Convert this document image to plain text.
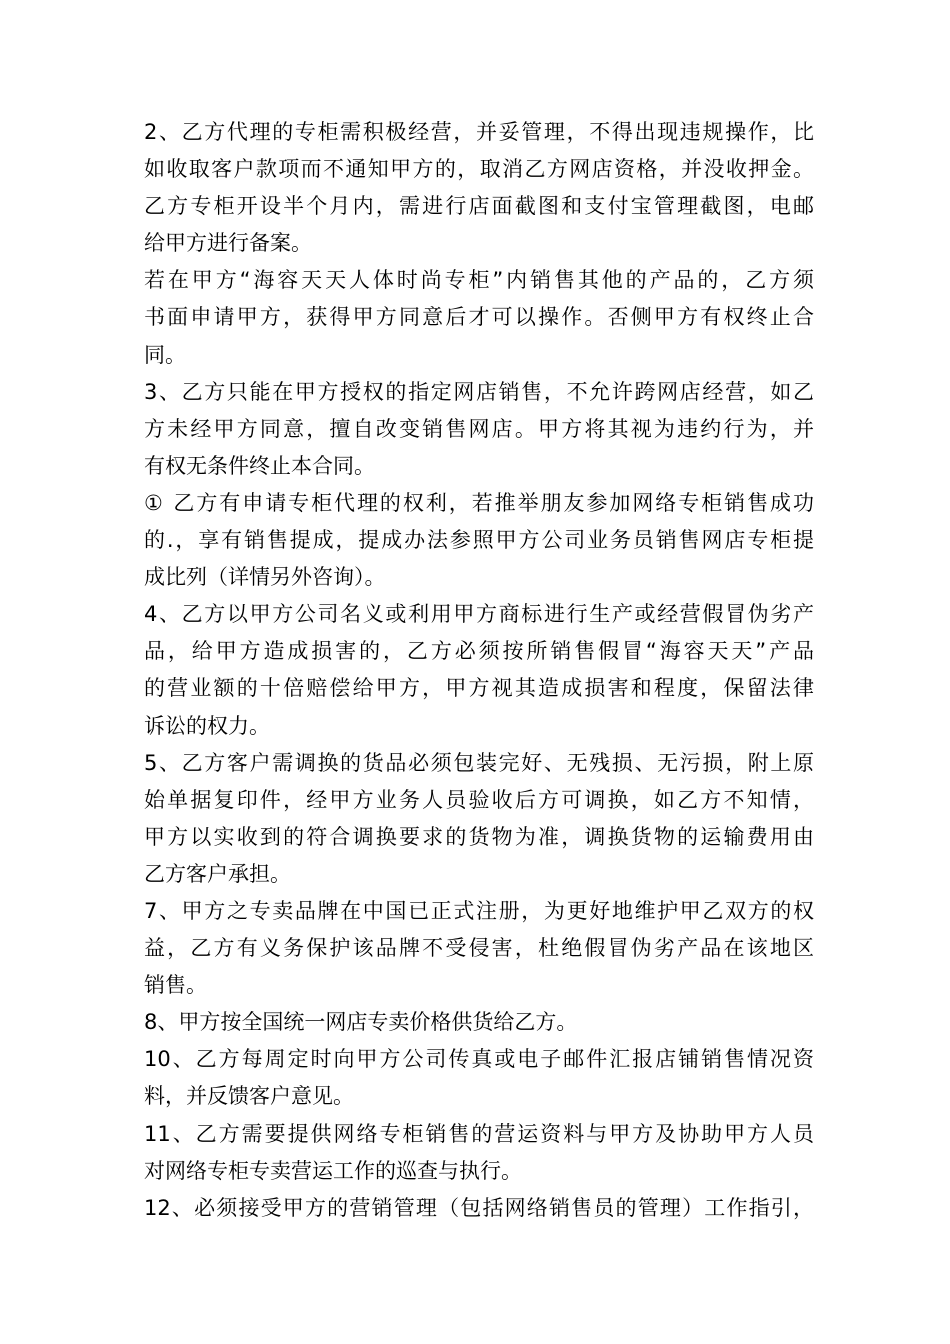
2、乙方代理的专柜需积极经营，并妥管理，不得出现违规操作，比
如收取客户款项而不通知甲方的，取消乙方网店资格，并没收押金。
乙方专柜开设半个月内，需进行店面截图和支付宝管理截图，电邮
给甲方进行备案。
若在甲方“海容天天人体时尚专柜”内销售其他的产品的，乙方须
书面申请甲方，获得甲方同意后才可以操作。否侧甲方有权终止合
同。
3、乙方只能在甲方授权的指定网店销售，不允许跨网店经营，如乙
方未经甲方同意，擅自改变销售网店。甲方将其视为违约行为，并
有权无条件终止本合同。
① 乙方有申请专柜代理的权利，若推举朋友参加网络专柜销售成功
的.，享有销售提成，提成办法参照甲方公司业务员销售网店专柜提
成比列（详情另外咨询）。
4、乙方以甲方公司名义或利用甲方商标进行生产或经营假冒伪劣产
品，给甲方造成损害的，乙方必须按所销售假冒“海容天天”产品
的营业额的十倍赔偿给甲方，甲方视其造成损害和程度，保留法律
诉讼的权力。
5、乙方客户需调换的货品必须包装完好、无残损、无污损，附上原
始单据复印件，经甲方业务人员验收后方可调换，如乙方不知情，
甲方以实收到的符合调换要求的货物为准，调换货物的运输费用由
乙方客户承担。
7、甲方之专卖品牌在中国已正式注册，为更好地维护甲乙双方的权
益，乙方有义务保护该品牌不受侵害，杜绝假冒伪劣产品在该地区
销售。
8、甲方按全国统一网店专卖价格供货给乙方。
10、乙方每周定时向甲方公司传真或电子邮件汇报店铺销售情况资
料，并反馈客户意见。
11、乙方需要提供网络专柜销售的营运资料与甲方及协助甲方人员
对网络专柜专卖营运工作的巡查与执行。
12、必须接受甲方的营销管理（包括网络销售员的管理）工作指引，
